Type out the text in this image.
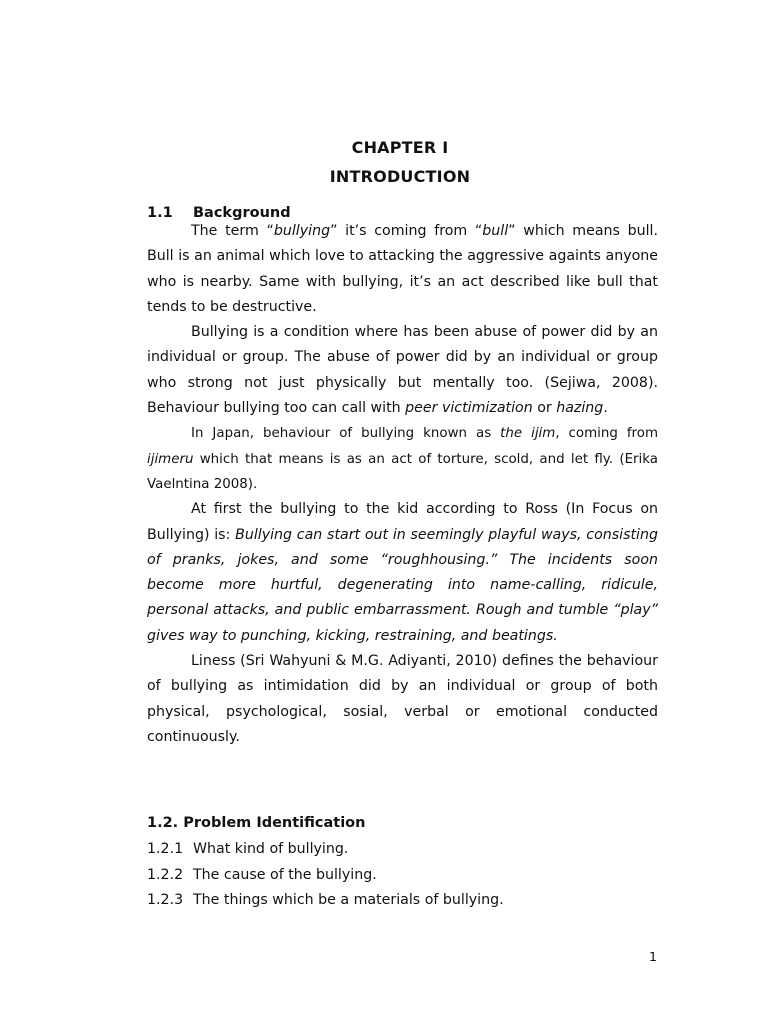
CHAPTER I
INTRODUCTION
1.1 Background

The term “bullying” it’s coming from “bull” which means bull. Bull is an animal which love to attacking the aggressive againts anyone who is nearby. Same with bullying, it’s an act described like bull that tends to be destructive.

Bullying is a condition where has been abuse of power did by an individual or group. The abuse of power did by an individual or group who strong not just physically but mentally too. (Sejiwa, 2008). Behaviour bullying too can call with peer victimization or hazing.

In Japan, behaviour of bullying known as the ijim, coming from ijimeru which that means is as an act of torture, scold, and let fly. (Erika Vaelntina 2008).

At first the bullying to the kid according to Ross (In Focus on Bullying) is: Bullying can start out in seemingly playful ways, consisting of pranks, jokes, and some “roughhousing.” The incidents soon become more hurtful, degenerating into name-calling, ridicule, personal attacks, and public embarrassment. Rough and tumble “play” gives way to punching, kicking, restraining, and beatings.

Liness (Sri Wahyuni & M.G. Adiyanti, 2010) defines the behaviour of bullying as intimidation did by an individual or group of both physical, psychological, sosial, verbal or emotional conducted continuously.

1.2. Problem Identification
1.2.1 What kind of bullying.
1.2.2 The cause of the bullying.
1.2.3 The things which be a materials of bullying.
1
